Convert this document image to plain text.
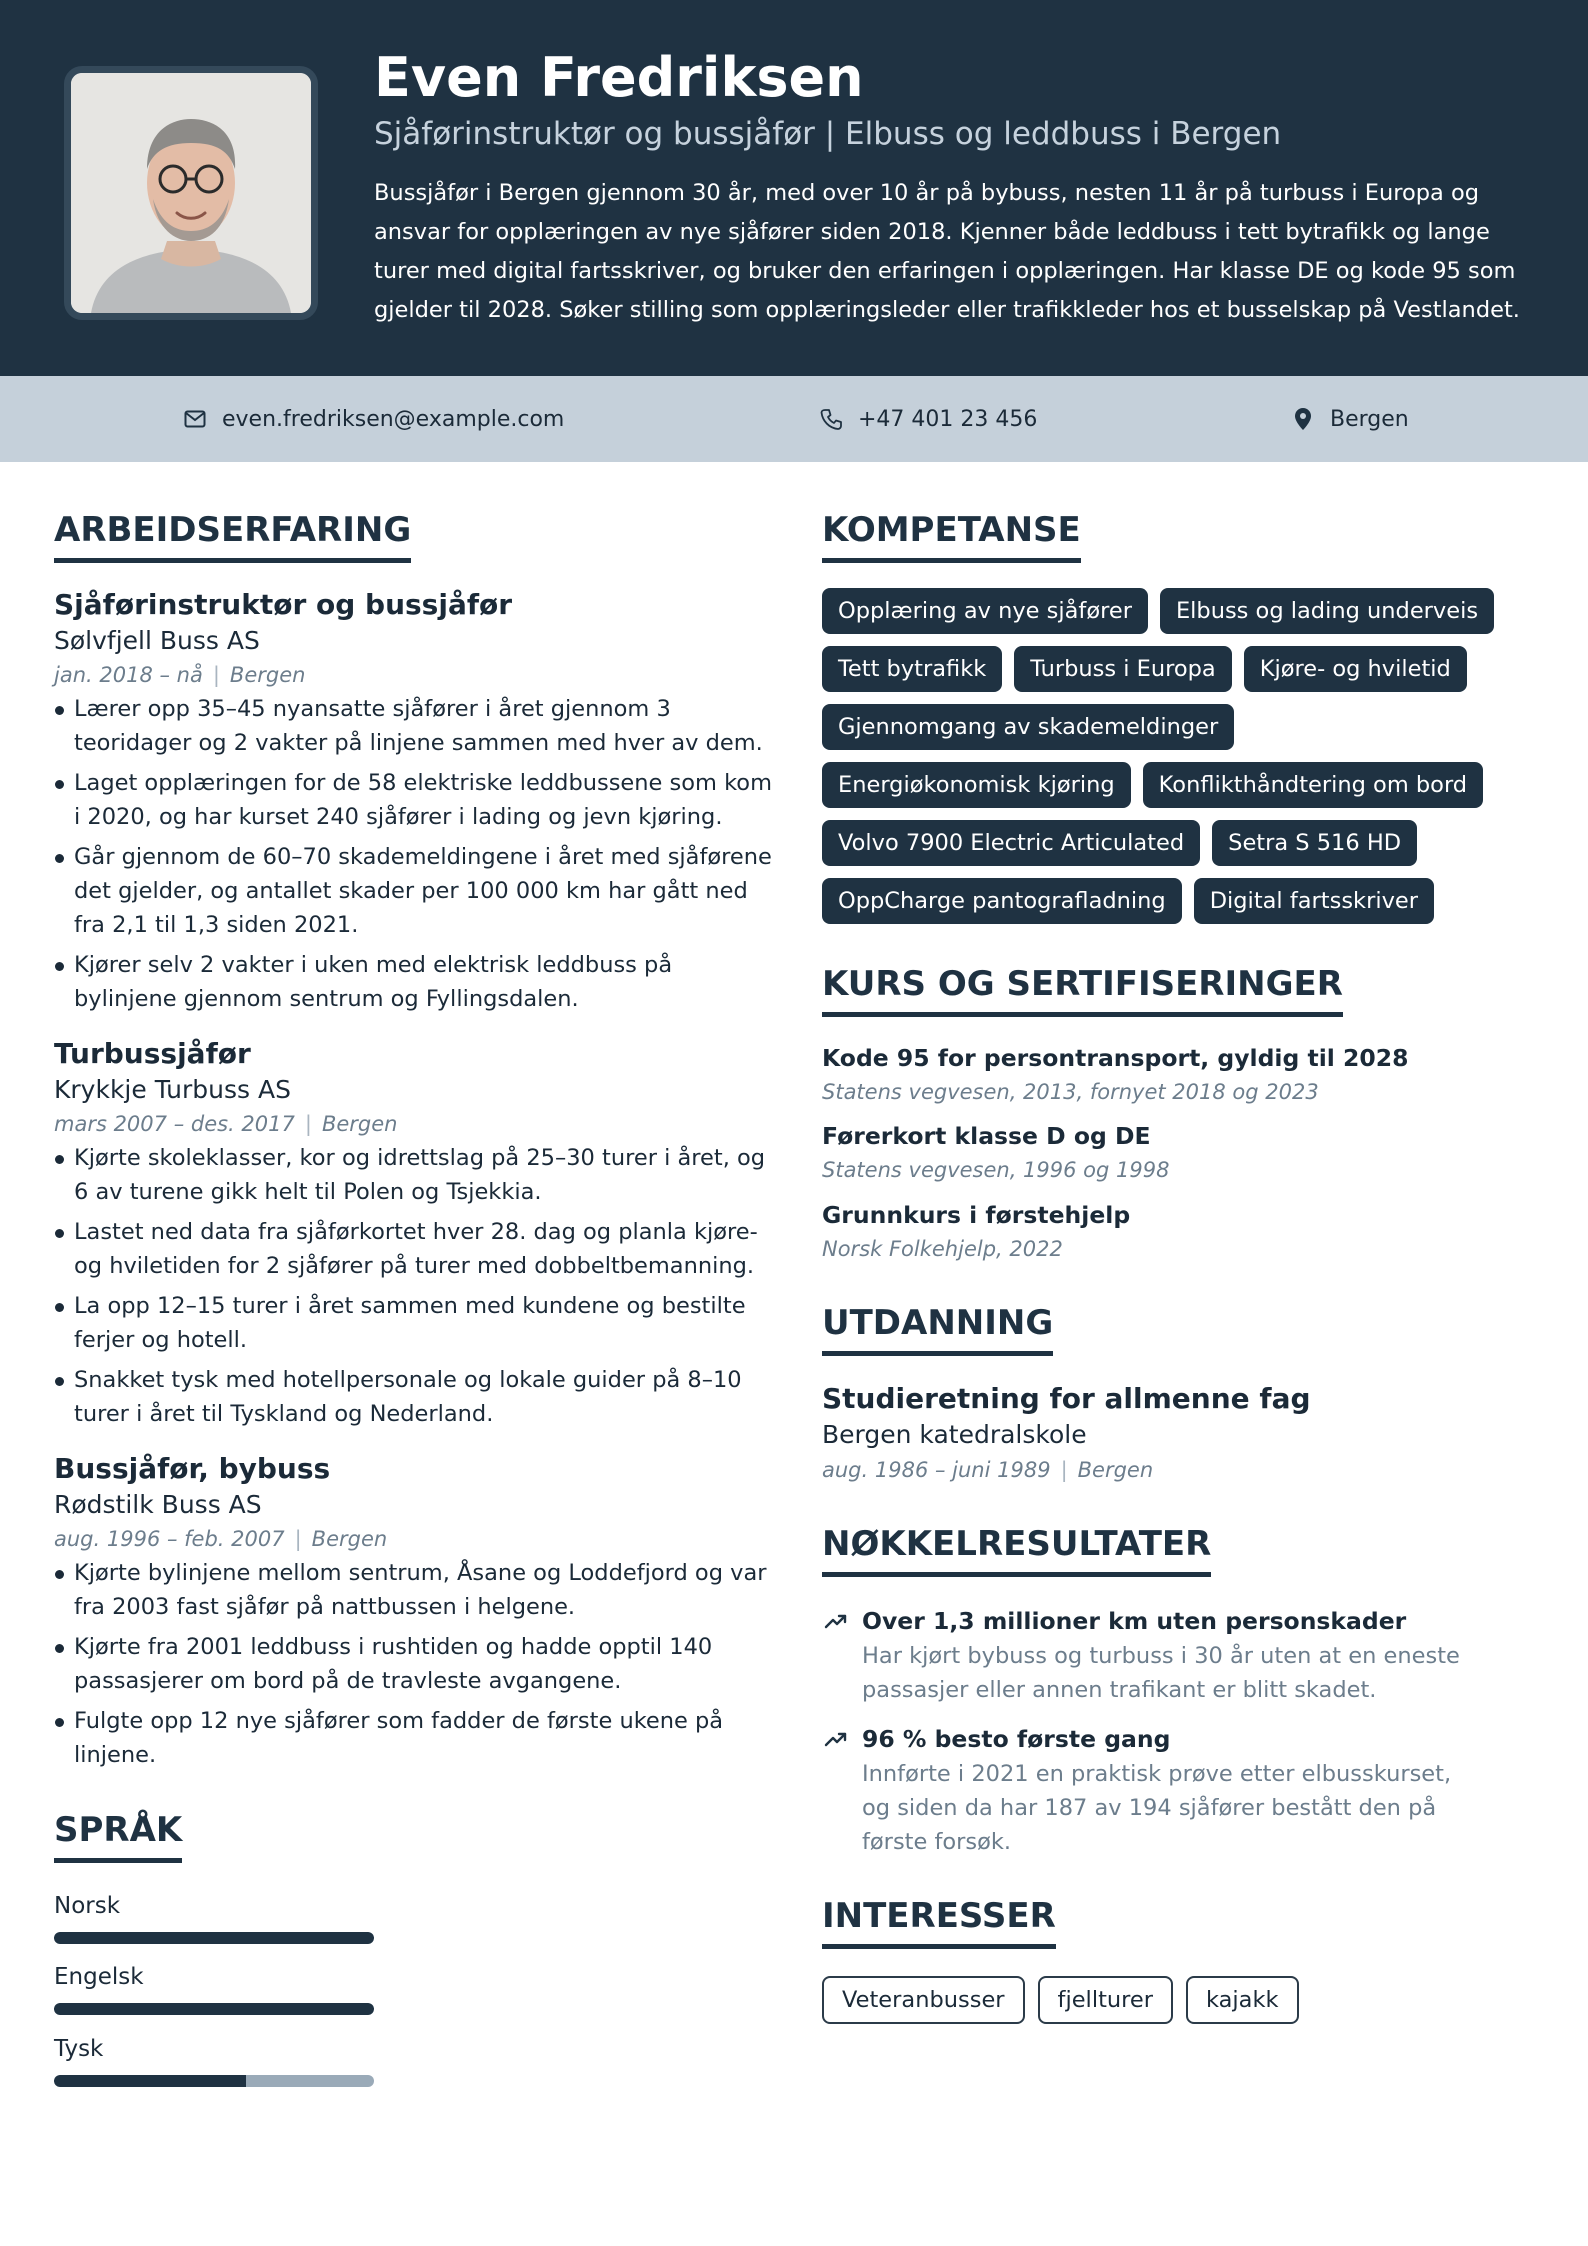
Even Fredriksen
Sjåførinstruktør og bussjåfør | Elbuss og leddbuss i Bergen
Bussjåfør i Bergen gjennom 30 år, med over 10 år på bybuss, nesten 11 år på turbuss i Europa og ansvar for opplæringen av nye sjåfører siden 2018. Kjenner både leddbuss i tett bytrafikk og lange turer med digital fartsskriver, og bruker den erfaringen i opplæringen. Har klasse DE og kode 95 som gjelder til 2028. Søker stilling som opplæringsleder eller trafikkleder hos et busselskap på Vestlandet.
even.fredriksen@example.com	+47 401 23 456	Bergen
ARBEIDSERFARING
Sjåførinstruktør og bussjåfør
Sølvfjell Buss AS
jan. 2018 – nå | Bergen
Lærer opp 35–45 nyansatte sjåfører i året gjennom 3 teoridager og 2 vakter på linjene sammen med hver av dem.
Laget opplæringen for de 58 elektriske leddbussene som kom i 2020, og har kurset 240 sjåfører i lading og jevn kjøring.
Går gjennom de 60–70 skademeldingene i året med sjåførene det gjelder, og antallet skader per 100 000 km har gått ned fra 2,1 til 1,3 siden 2021.
Kjører selv 2 vakter i uken med elektrisk leddbuss på bylinjene gjennom sentrum og Fyllingsdalen.
Turbussjåfør
Krykkje Turbuss AS
mars 2007 – des. 2017 | Bergen
Kjørte skoleklasser, kor og idrettslag på 25–30 turer i året, og 6 av turene gikk helt til Polen og Tsjekkia.
Lastet ned data fra sjåførkortet hver 28. dag og planla kjøre- og hviletiden for 2 sjåfører på turer med dobbeltbemanning.
La opp 12–15 turer i året sammen med kundene og bestilte ferjer og hotell.
Snakket tysk med hotellpersonale og lokale guider på 8–10 turer i året til Tyskland og Nederland.
Bussjåfør, bybuss
Rødstilk Buss AS
aug. 1996 – feb. 2007 | Bergen
Kjørte bylinjene mellom sentrum, Åsane og Loddefjord og var fra 2003 fast sjåfør på nattbussen i helgene.
Kjørte fra 2001 leddbuss i rushtiden og hadde opptil 140 passasjerer om bord på de travleste avgangene.
Fulgte opp 12 nye sjåfører som fadder de første ukene på linjene.
SPRÅK
Norsk
Engelsk
Tysk
KOMPETANSE
Opplæring av nye sjåfører	Elbuss og lading underveis
Tett bytrafikk	Turbuss i Europa	Kjøre- og hviletid
Gjennomgang av skademeldinger
Energiøkonomisk kjøring	Konflikthåndtering om bord
Volvo 7900 Electric Articulated	Setra S 516 HD
OppCharge pantografladning	Digital fartsskriver
KURS OG SERTIFISERINGER
Kode 95 for persontransport, gyldig til 2028
Statens vegvesen, 2013, fornyet 2018 og 2023
Førerkort klasse D og DE
Statens vegvesen, 1996 og 1998
Grunnkurs i førstehjelp
Norsk Folkehjelp, 2022
UTDANNING
Studieretning for allmenne fag
Bergen katedralskole
aug. 1986 – juni 1989 | Bergen
NØKKELRESULTATER
Over 1,3 millioner km uten personskader
Har kjørt bybuss og turbuss i 30 år uten at en eneste passasjer eller annen trafikant er blitt skadet.
96 % besto første gang
Innførte i 2021 en praktisk prøve etter elbusskurset, og siden da har 187 av 194 sjåfører bestått den på første forsøk.
INTERESSER
Veteranbusser	fjellturer	kajakk
